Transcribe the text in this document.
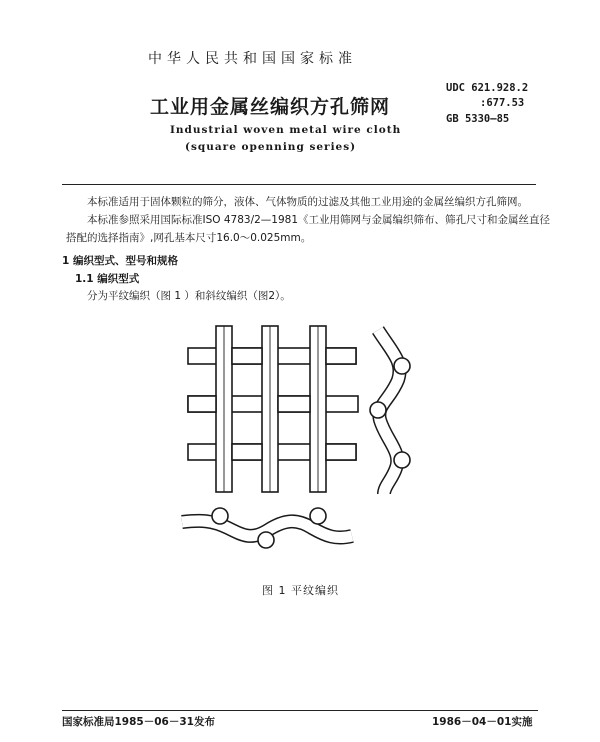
中华人民共和国国家标准
工业用金属丝编织方孔筛网
Industrial woven metal wire cloth
(square openning series)
UDC 621.928.2
:677.53
GB 5330—85
本标准适用于固体颗粒的筛分，液体、气体物质的过滤及其他工业用途的金属丝编织方孔筛网。
本标准参照采用国际标准ISO 4783/2—1981《工业用筛网与金属编织筛布、筛孔尺寸和金属丝直径
搭配的选择指南》,网孔基本尺寸16.0～0.025mm。
1 编织型式、型号和规格
1.1 编织型式
分为平纹编织（图 1 ）和斜纹编织（图2）。
图 1 平纹编织
国家标准局1985－06－31发布	1986－04－01实施
